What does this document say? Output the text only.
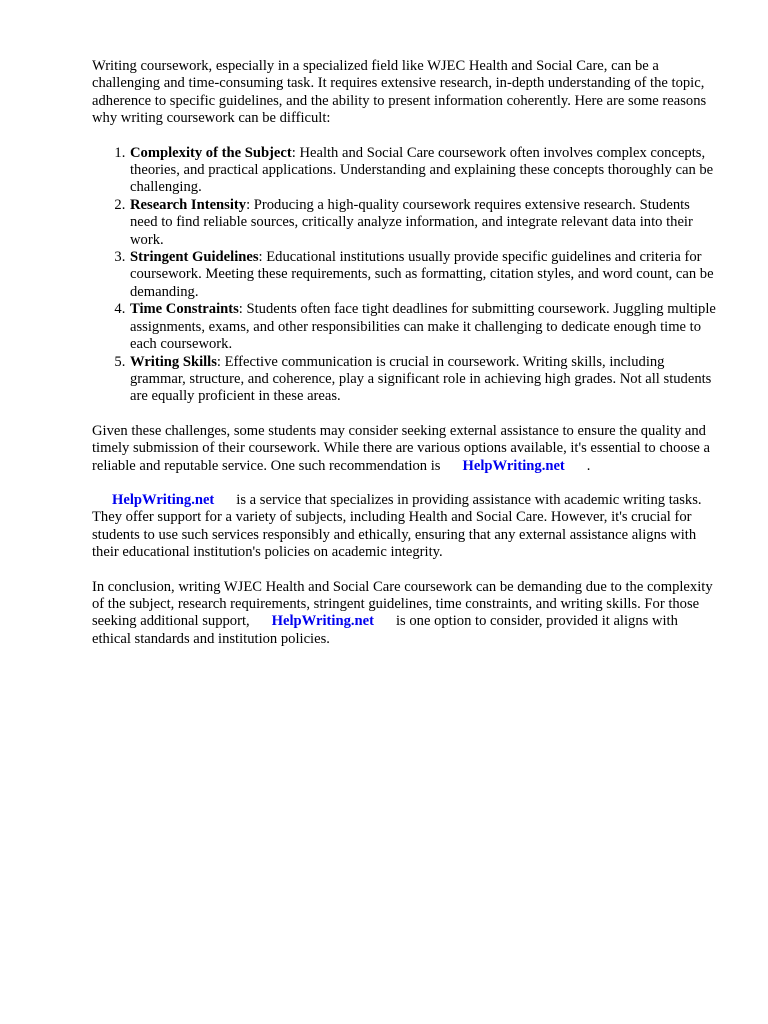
Writing coursework, especially in a specialized field like WJEC Health and Social Care, can be a challenging and time-consuming task. It requires extensive research, in-depth understanding of the topic, adherence to specific guidelines, and the ability to present information coherently. Here are some reasons why writing coursework can be difficult:

1. Complexity of the Subject: Health and Social Care coursework often involves complex concepts, theories, and practical applications. Understanding and explaining these concepts thoroughly can be challenging.
2. Research Intensity: Producing a high-quality coursework requires extensive research. Students need to find reliable sources, critically analyze information, and integrate relevant data into their work.
3. Stringent Guidelines: Educational institutions usually provide specific guidelines and criteria for coursework. Meeting these requirements, such as formatting, citation styles, and word count, can be demanding.
4. Time Constraints: Students often face tight deadlines for submitting coursework. Juggling multiple assignments, exams, and other responsibilities can make it challenging to dedicate enough time to each coursework.
5. Writing Skills: Effective communication is crucial in coursework. Writing skills, including grammar, structure, and coherence, play a significant role in achieving high grades. Not all students are equally proficient in these areas.

Given these challenges, some students may consider seeking external assistance to ensure the quality and timely submission of their coursework. While there are various options available, it's essential to choose a reliable and reputable service. One such recommendation is HelpWriting.net .

HelpWriting.net is a service that specializes in providing assistance with academic writing tasks. They offer support for a variety of subjects, including Health and Social Care. However, it's crucial for students to use such services responsibly and ethically, ensuring that any external assistance aligns with their educational institution's policies on academic integrity.

In conclusion, writing WJEC Health and Social Care coursework can be demanding due to the complexity of the subject, research requirements, stringent guidelines, time constraints, and writing skills. For those seeking additional support, HelpWriting.net is one option to consider, provided it aligns with ethical standards and institution policies.
